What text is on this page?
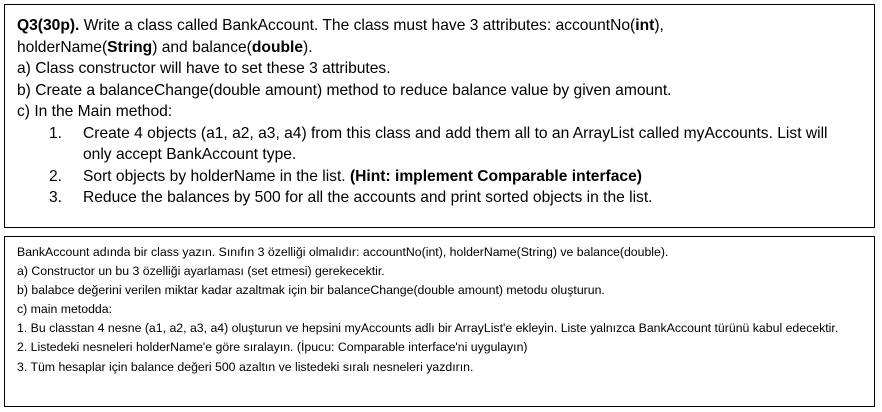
Q3(30p). Write a class called BankAccount. The class must have 3 attributes: accountNo(int),
holderName(String) and balance(double).
a) Class constructor will have to set these 3 attributes.
b) Create a balanceChange(double amount) method to reduce balance value by given amount.
c) In the Main method:
1.	Create 4 objects (a1, a2, a3, a4) from this class and add them all to an ArrayList called myAccounts. List will only accept BankAccount type.
2.	Sort objects by holderName in the list. (Hint: implement Comparable interface)
3.	Reduce the balances by 500 for all the accounts and print sorted objects in the list.
BankAccount adında bir class yazın. Sınıfın 3 özelliği olmalıdır: accountNo(int), holderName(String) ve balance(double).
a) Constructor un bu 3 özelliği ayarlaması (set etmesi) gerekecektir.
b) balabce değerini verilen miktar kadar azaltmak için bir balanceChange(double amount) metodu oluşturun.
c) main metodda:
1. Bu classtan 4 nesne (a1, a2, a3, a4) oluşturun ve hepsini myAccounts adlı bir ArrayList'e ekleyin. Liste yalnızca BankAccount türünü kabul edecektir.
2. Listedeki nesneleri holderName'e göre sıralayın. (İpucu: Comparable interface'ni uygulayın)
3. Tüm hesaplar için balance değeri 500 azaltın ve listedeki sıralı nesneleri yazdırın.
